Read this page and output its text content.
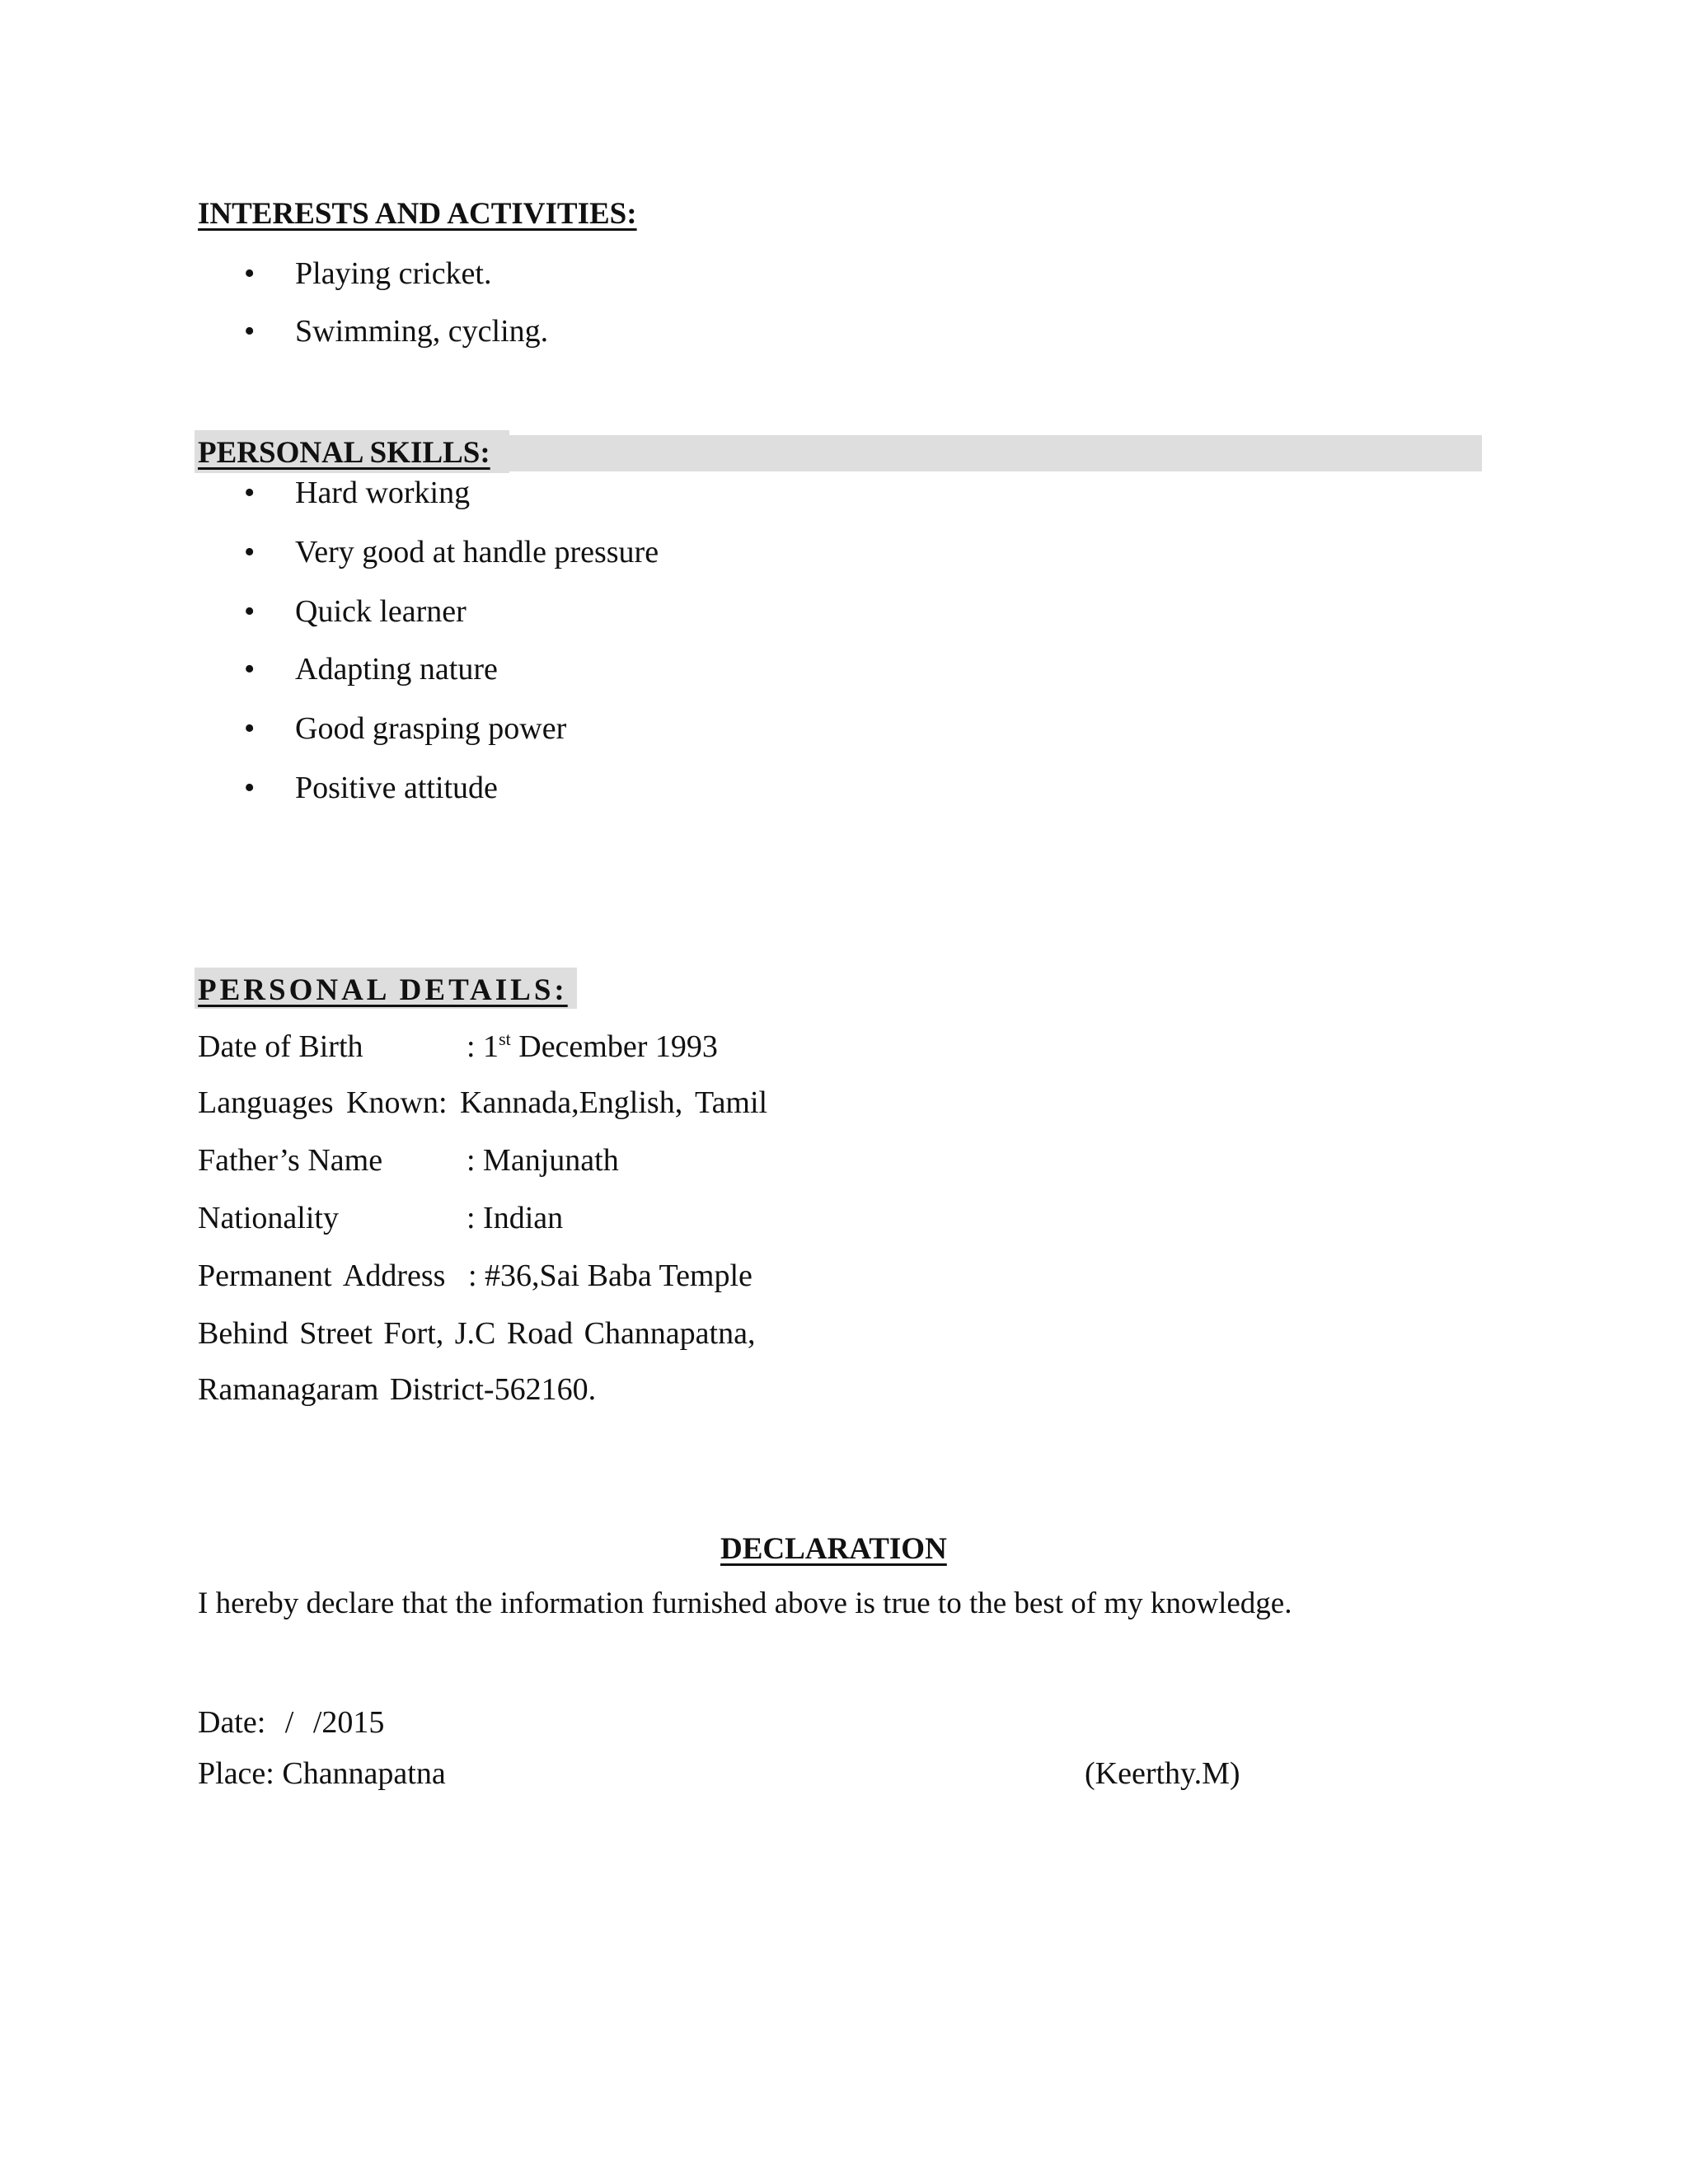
INTERESTS AND ACTIVITIES:
• Playing cricket.
• Swimming, cycling.
PERSONAL SKILLS:
• Hard working
• Very good at handle pressure
• Quick learner
• Adapting nature
• Good grasping power
• Positive attitude
PERSONAL DETAILS:
Date of Birth	: 1st December 1993
Languages Known: Kannada,English, Tamil
Father’s Name	: Manjunath
Nationality	: Indian
Permanent Address : #36,Sai Baba Temple
Behind Street Fort, J.C Road Channapatna,
Ramanagaram District-562160.
DECLARATION
I hereby declare that the information furnished above is true to the best of my knowledge.
Date: / /2015
Place: Channapatna	(Keerthy.M)
